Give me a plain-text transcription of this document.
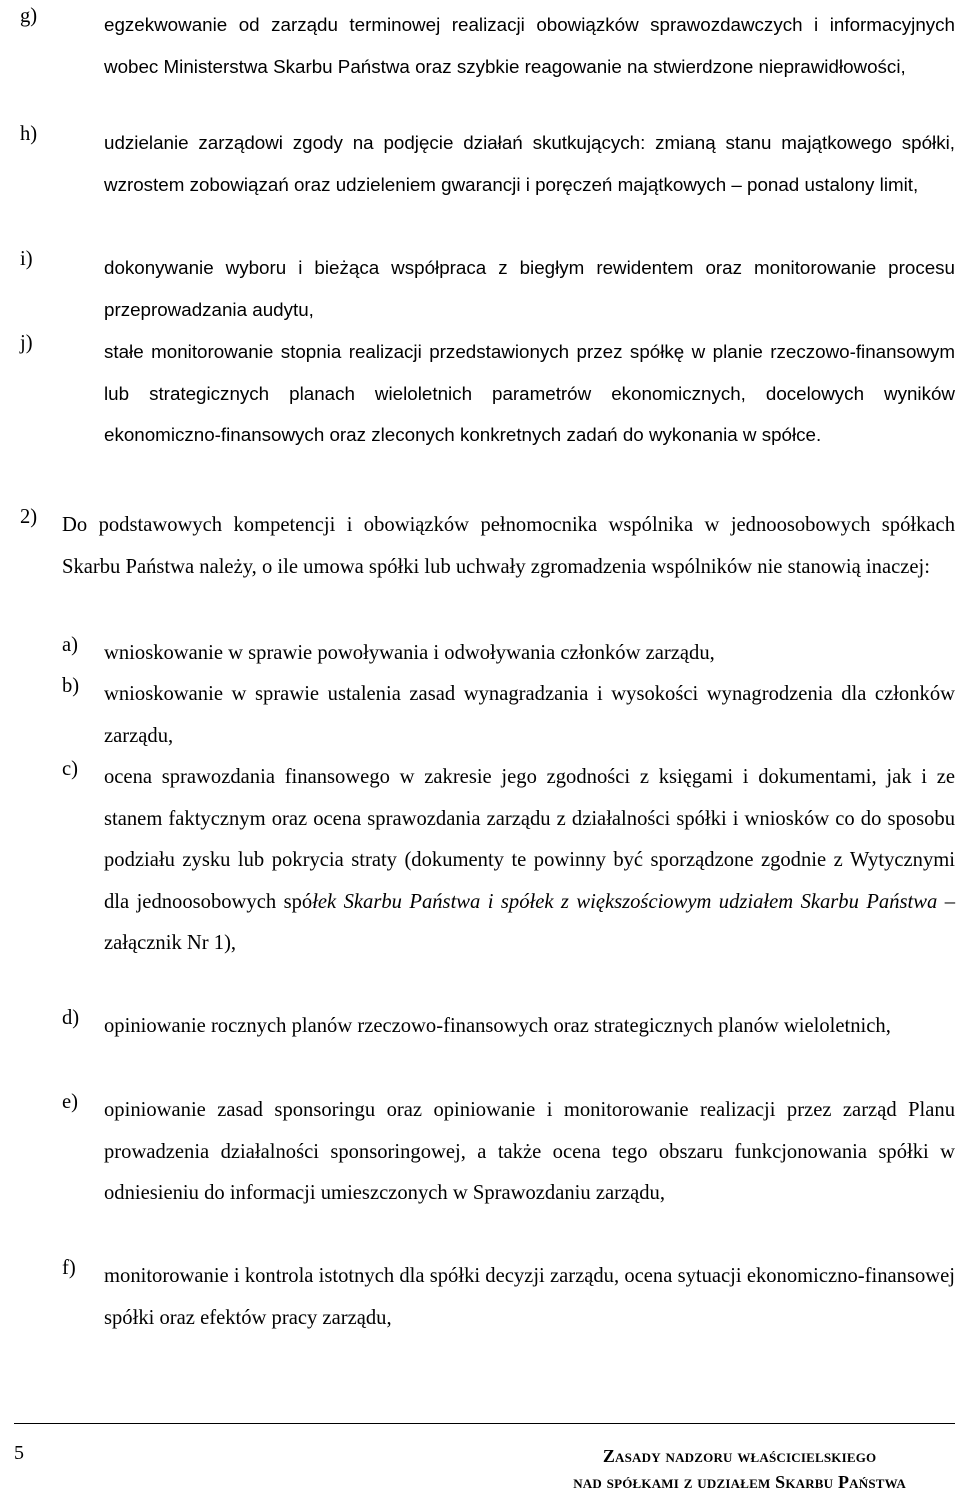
g)	egzekwowanie od zarządu terminowej realizacji obowiązków sprawozdawczych i informacyjnych wobec Ministerstwa Skarbu Państwa oraz szybkie reagowanie na stwierdzone nieprawidłowości,
h)	udzielanie zarządowi zgody na podjęcie działań skutkujących: zmianą stanu majątkowego spółki, wzrostem zobowiązań oraz udzieleniem gwarancji i poręczeń majątkowych – ponad ustalony limit,
i)	dokonywanie wyboru i bieżąca współpraca z biegłym rewidentem oraz monitorowanie procesu przeprowadzania audytu,
j)	stałe monitorowanie stopnia realizacji przedstawionych przez spółkę w planie rzeczowo-finansowym lub strategicznych planach wieloletnich parametrów ekonomicznych, docelowych wyników ekonomiczno-finansowych oraz zleconych konkretnych zadań do wykonania w spółce.
2) Do podstawowych kompetencji i obowiązków pełnomocnika wspólnika w jednoosobowych spółkach Skarbu Państwa należy, o ile umowa spółki lub uchwały zgromadzenia wspólników nie stanowią inaczej:
a) wnioskowanie w sprawie powoływania i odwoływania członków zarządu,
b) wnioskowanie w sprawie ustalenia zasad wynagradzania i wysokości wynagrodzenia dla członków zarządu,
c) ocena sprawozdania finansowego w zakresie jego zgodności z księgami i dokumentami, jak i ze stanem faktycznym oraz ocena sprawozdania zarządu z działalności spółki i wniosków co do sposobu podziału zysku lub pokrycia straty (dokumenty te powinny być sporządzone zgodnie z Wytycznymi dla jednoosobowych spółek Skarbu Państwa i spółek z większościowym udziałem Skarbu Państwa – załącznik Nr 1),
d) opiniowanie rocznych planów rzeczowo-finansowych oraz strategicznych planów wieloletnich,
e) opiniowanie zasad sponsoringu oraz opiniowanie i monitorowanie realizacji przez zarząd Planu prowadzenia działalności sponsoringowej, a także ocena tego obszaru funkcjonowania spółki w odniesieniu do informacji umieszczonych w Sprawozdaniu zarządu,
f) monitorowanie i kontrola istotnych dla spółki decyzji zarządu, ocena sytuacji ekonomiczno-finansowej spółki oraz efektów pracy zarządu,
5	Zasady nadzoru właścicielskiego
nad spółkami z udziałem Skarbu Państwa
